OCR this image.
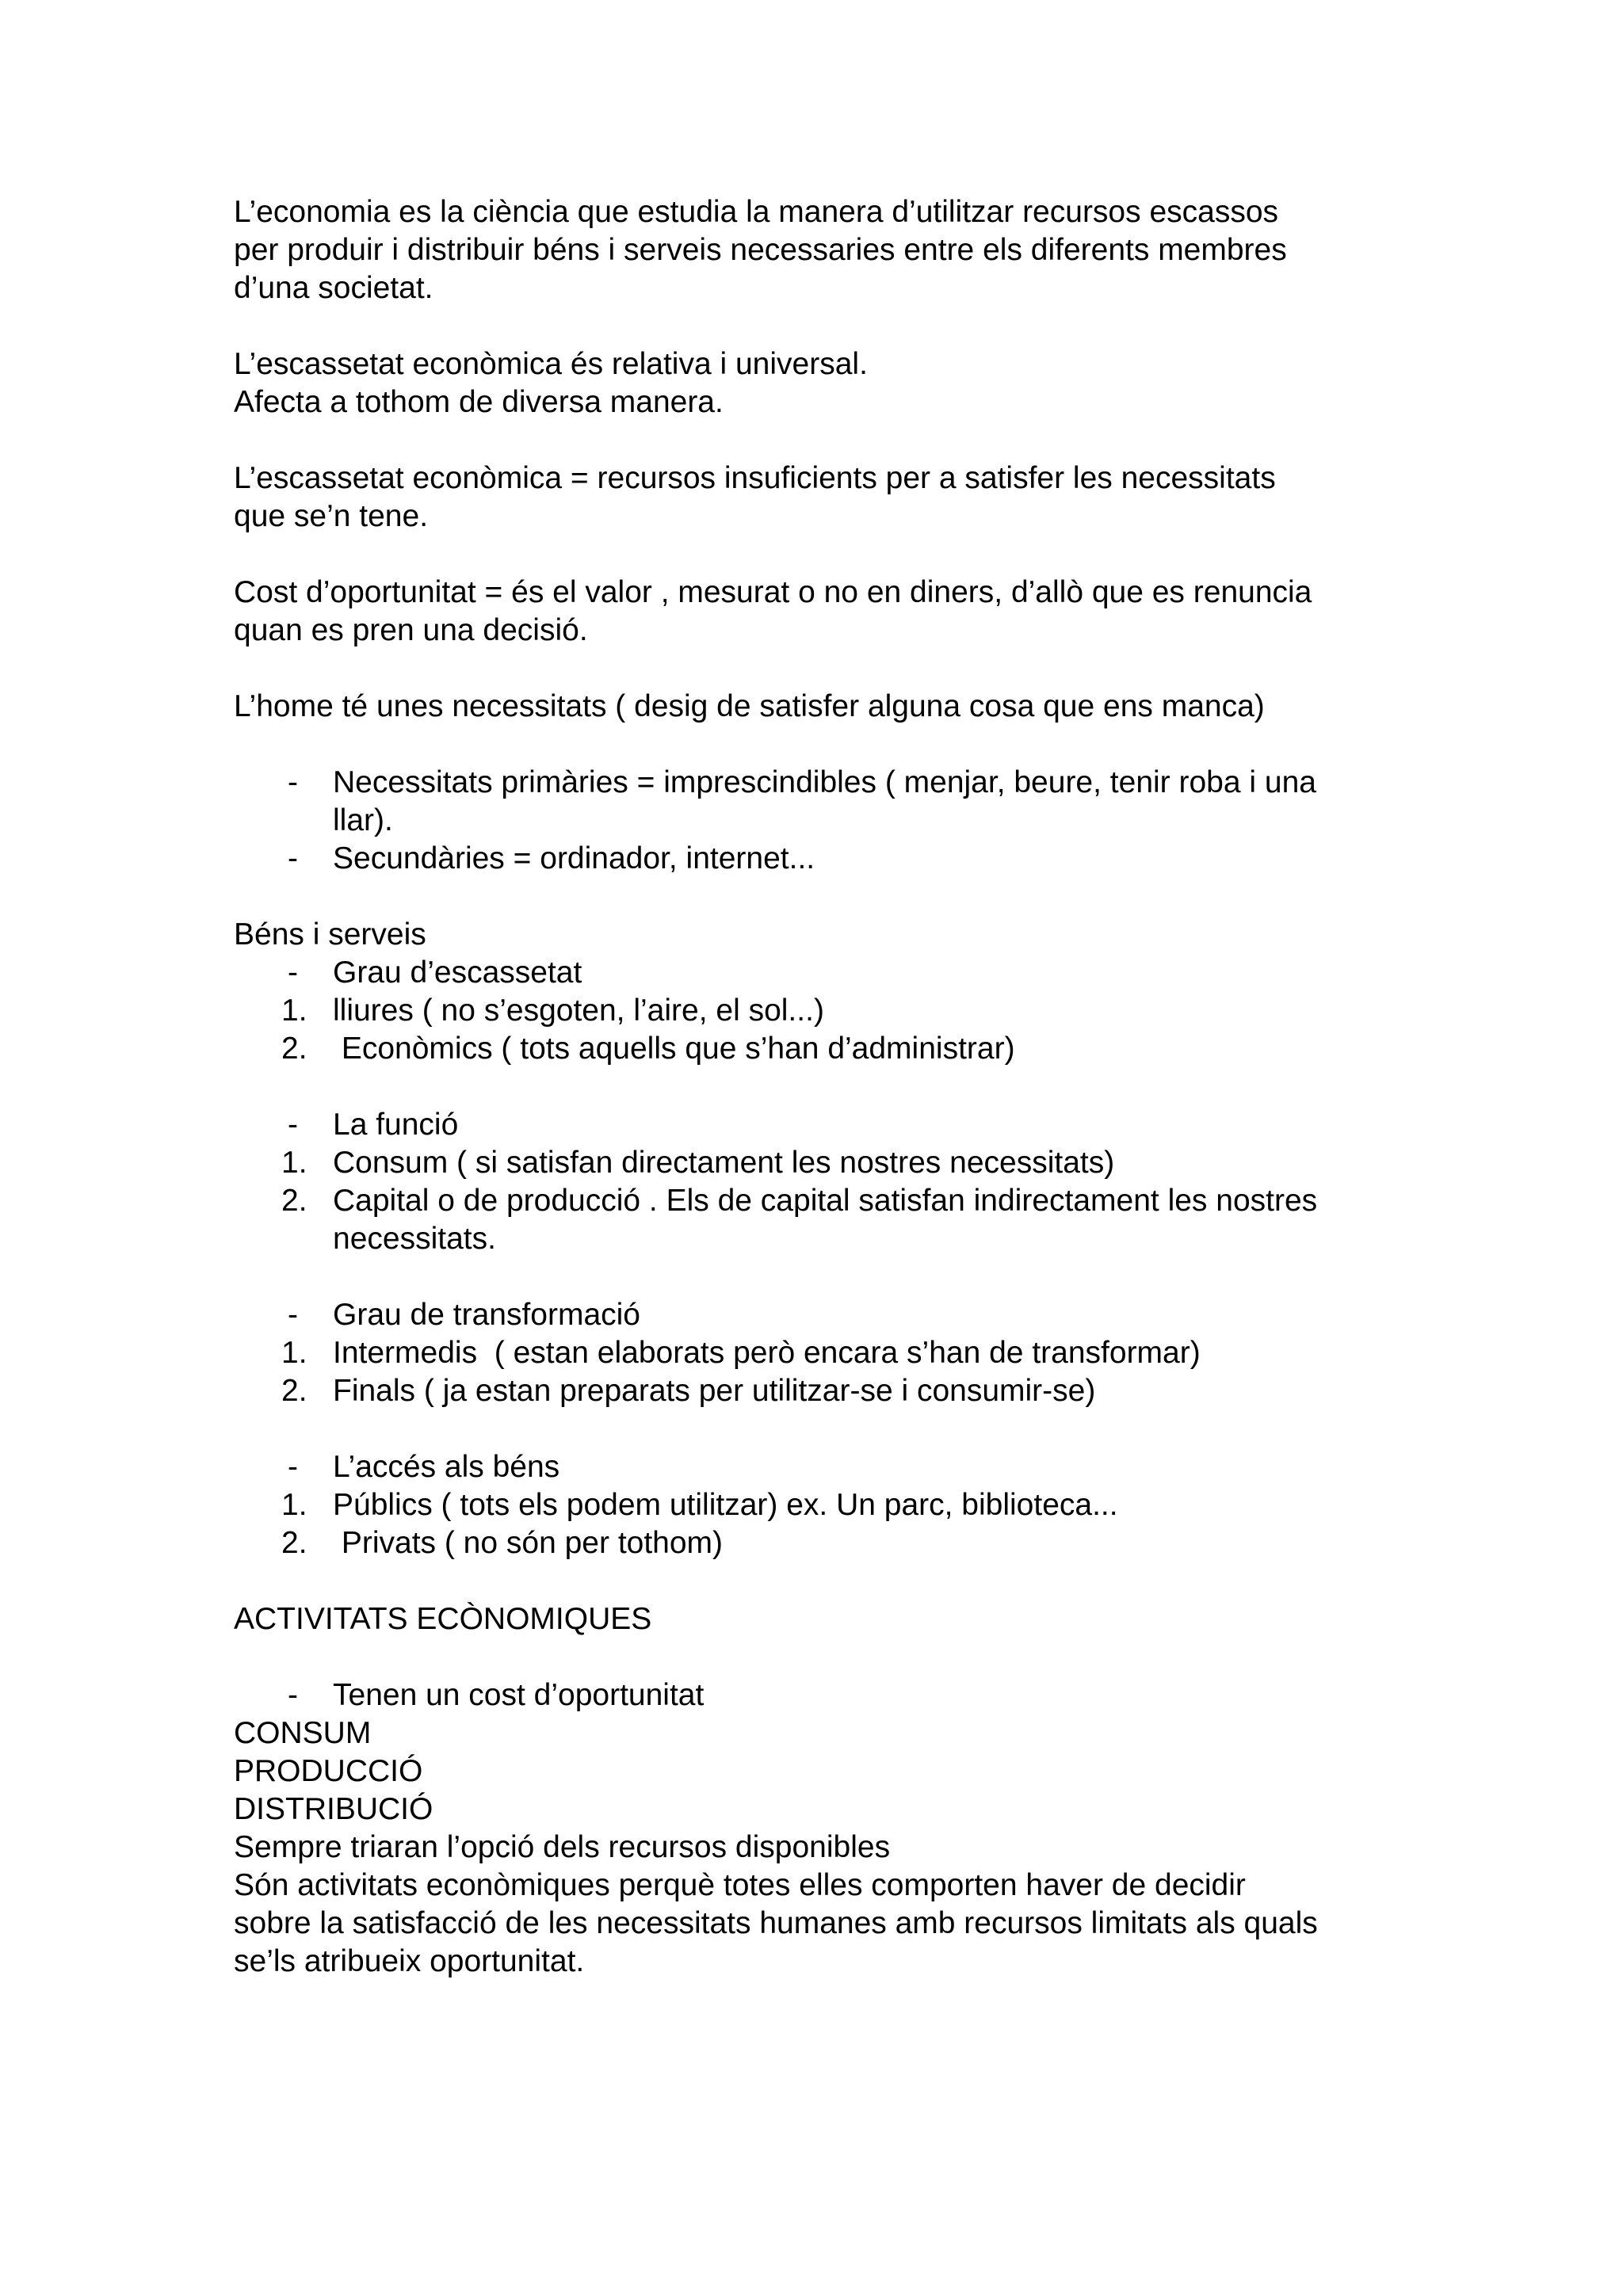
L’economia es la ciència que estudia la manera d’utilitzar recursos escassos
per produir i distribuir béns i serveis necessaries entre els diferents membres
d’una societat.

L’escassetat econòmica és relativa i universal.
Afecta a tothom de diversa manera.

L’escassetat econòmica = recursos insuficients per a satisfer les necessitats
que se’n tene.

Cost d’oportunitat = és el valor , mesurat o no en diners, d’allò que es renuncia
quan es pren una decisió.

L’home té unes necessitats ( desig de satisfer alguna cosa que ens manca)

- Necessitats primàries = imprescindibles ( menjar, beure, tenir roba i una
llar).
- Secundàries = ordinador, internet...

Béns i serveis

- Grau d’escassetat
1. lliures ( no s’esgoten, l’aire, el sol...)
2. Econòmics ( tots aquells que s’han d’administrar)
- La funció
1. Consum ( si satisfan directament les nostres necessitats)
2. Capital o de producció . Els de capital satisfan indirectament les nostres
necessitats.
- Grau de transformació
1. Intermedis  ( estan elaborats però encara s’han de transformar)
2. Finals ( ja estan preparats per utilitzar-se i consumir-se)
- L’accés als béns
1. Públics ( tots els podem utilitzar) ex. Un parc, biblioteca...
2. Privats ( no són per tothom)

ACTIVITATS ECÒNOMIQUES

- Tenen un cost d’oportunitat

CONSUM
PRODUCCIÓ
DISTRIBUCIÓ
Sempre triaran l’opció dels recursos disponibles
Són activitats econòmiques perquè totes elles comporten haver de decidir
sobre la satisfacció de les necessitats humanes amb recursos limitats als quals
se’ls atribueix oportunitat.
